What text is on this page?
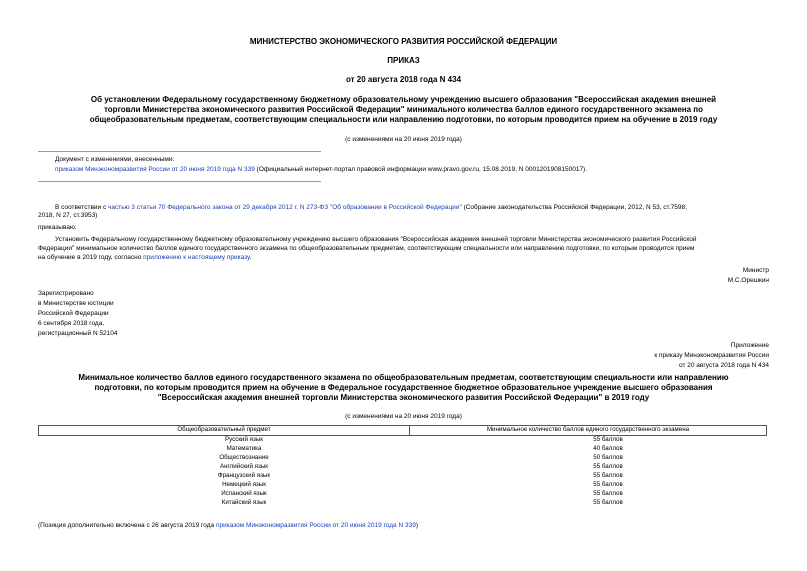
МИНИСТЕРСТВО ЭКОНОМИЧЕСКОГО РАЗВИТИЯ РОССИЙСКОЙ ФЕДЕРАЦИИ
ПРИКАЗ
от 20 августа 2018 года N 434
Об установлении Федеральному государственному бюджетному образовательному учреждению высшего образования "Всероссийская академия внешней
торговли Министерства экономического развития Российской Федерации" минимального количества баллов единого государственного экзамена по
общеобразовательным предметам, соответствующим специальности или направлению подготовки, по которым проводится прием на обучение в 2019 году
(с изменениями на 20 июня 2019 года)
Документ с изменениями, внесенными:
приказом Минэкономразвития России от 20 июня 2019 года N 339 (Официальный интернет-портал правовой информации www.pravo.gov.ru, 15.08.2019, N 0001201908150017).
В соответствии с частью 3 статьи 70 Федерального закона от 29 декабря 2012 г. N 273-ФЗ "Об образовании в Российской Федерации" (Собрание законодательства Российской Федерации, 2012, N 53, ст.7598;
2018, N 27, ст.3953)
приказываю:
Установить Федеральному государственному бюджетному образовательному учреждению высшего образования "Всероссийская академия внешней торговли Министерства экономического развития Российской
Федерации" минимальное количество баллов единого государственного экзамена по общеобразовательным предметам, соответствующим специальности или направлению подготовки, по которым проводится прием
на обучение в 2019 году, согласно приложению к настоящему приказу.
Министр
М.С.Орешкин
Зарегистрировано
в Министерстве юстиции
Российской Федерации
6 сентября 2018 года,
регистрационный N 52104
Приложение
к приказу Минэкономразвития России
от 20 августа 2018 года N 434
Минимальное количество баллов единого государственного экзамена по общеобразовательным предметам, соответствующим специальности или направлению
подготовки, по которым проводится прием на обучение в Федеральное государственное бюджетное образовательное учреждение высшего образования
"Всероссийская академия внешней торговли Министерства экономического развития Российской Федерации" в 2019 году
(с изменениями на 20 июня 2019 года)
Общеобразовательный предмет	Минимальное количество баллов единого государственного экзамена
Русский язык	55 баллов
Математика	40 баллов
Обществознание	50 баллов
Английский язык	55 баллов
Французский язык	55 баллов
Немецкий язык	55 баллов
Испанский язык	55 баллов
Китайский язык	55 баллов
(Позиция дополнительно включена с 26 августа 2019 года приказом Минэкономразвития России от 20 июня 2019 года N 339)
